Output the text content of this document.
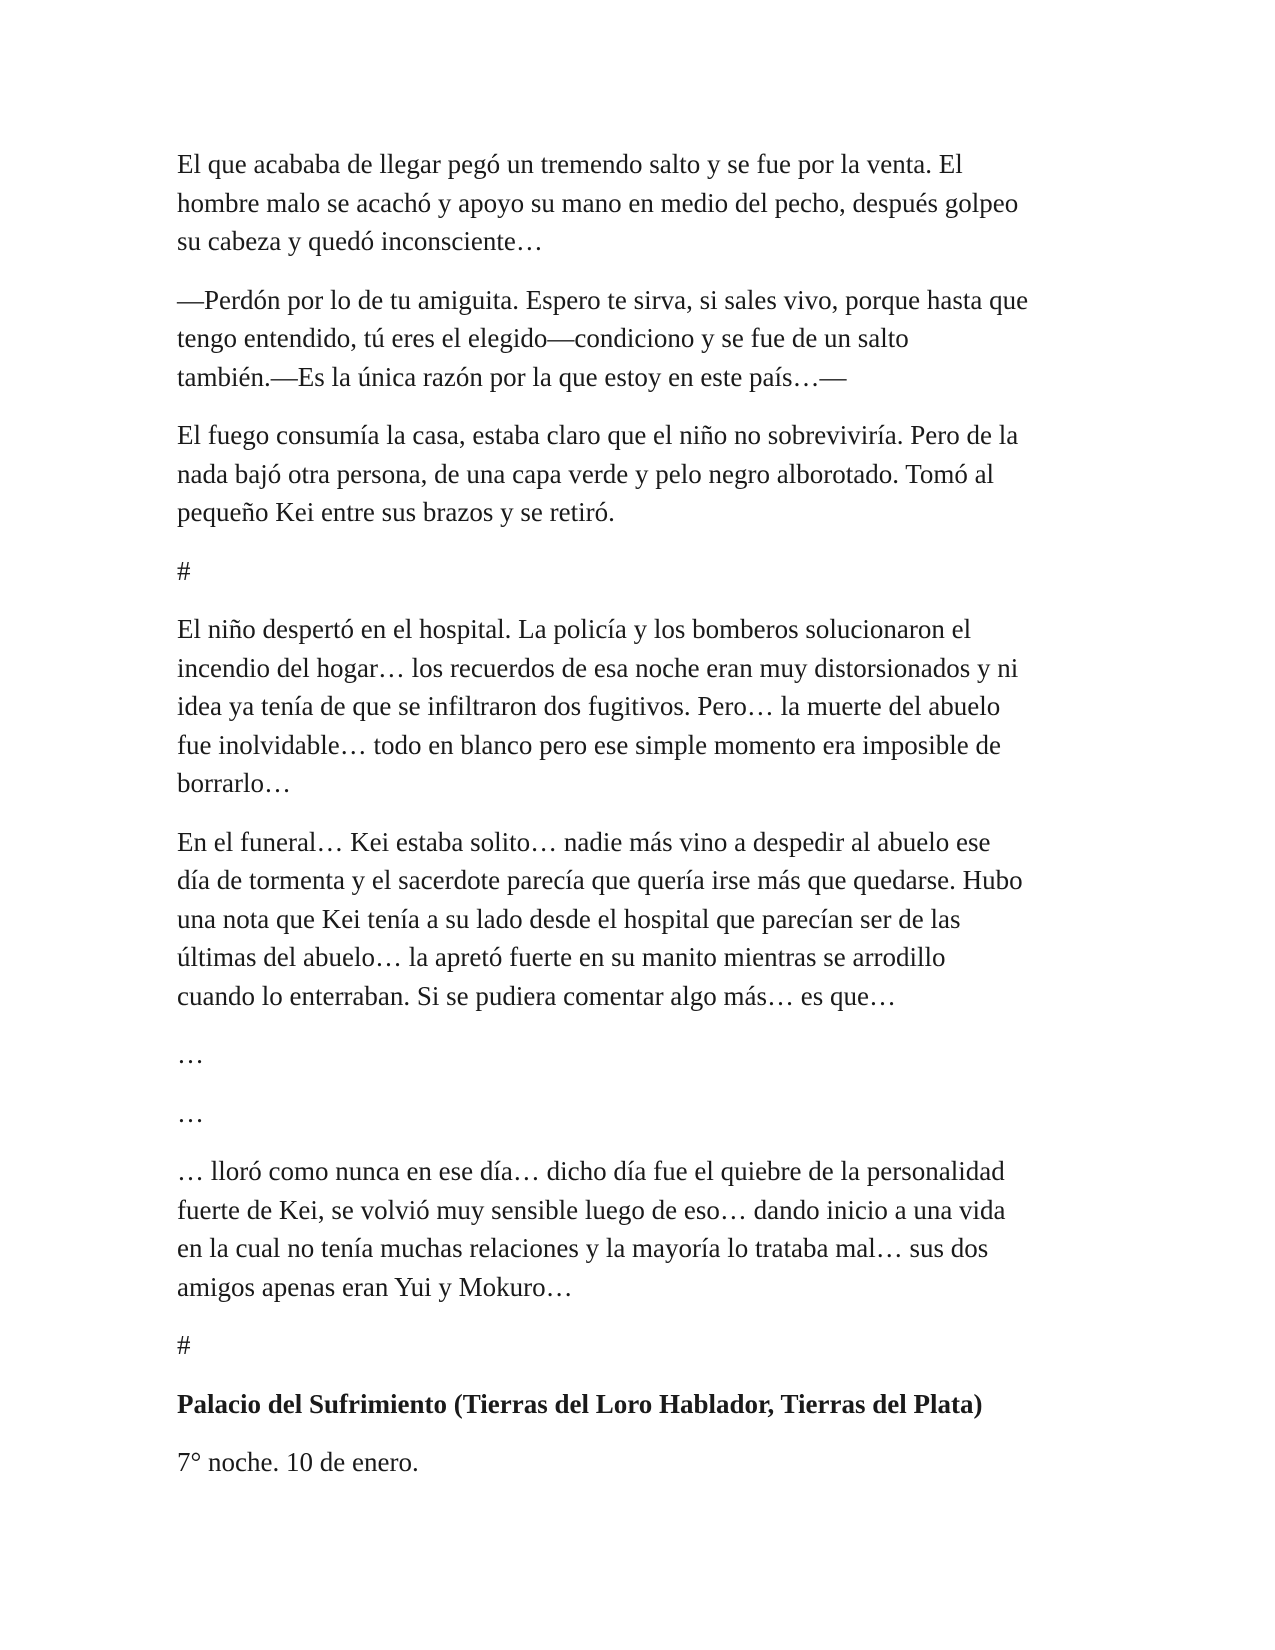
El que acababa de llegar pegó un tremendo salto y se fue por la venta. El
hombre malo se acachó y apoyo su mano en medio del pecho, después golpeo
su cabeza y quedó inconsciente…

—Perdón por lo de tu amiguita. Espero te sirva, si sales vivo, porque hasta que
tengo entendido, tú eres el elegido—condiciono y se fue de un salto
también.—Es la única razón por la que estoy en este país…—

El fuego consumía la casa, estaba claro que el niño no sobreviviría. Pero de la
nada bajó otra persona, de una capa verde y pelo negro alborotado. Tomó al
pequeño Kei entre sus brazos y se retiró.

#

El niño despertó en el hospital. La policía y los bomberos solucionaron el
incendio del hogar… los recuerdos de esa noche eran muy distorsionados y ni
idea ya tenía de que se infiltraron dos fugitivos. Pero… la muerte del abuelo
fue inolvidable… todo en blanco pero ese simple momento era imposible de
borrarlo…

En el funeral… Kei estaba solito… nadie más vino a despedir al abuelo ese
día de tormenta y el sacerdote parecía que quería irse más que quedarse. Hubo
una nota que Kei tenía a su lado desde el hospital que parecían ser de las
últimas del abuelo… la apretó fuerte en su manito mientras se arrodillo
cuando lo enterraban. Si se pudiera comentar algo más… es que…

…

…

… lloró como nunca en ese día… dicho día fue el quiebre de la personalidad
fuerte de Kei, se volvió muy sensible luego de eso… dando inicio a una vida
en la cual no tenía muchas relaciones y la mayoría lo trataba mal… sus dos
amigos apenas eran Yui y Mokuro…

#

Palacio del Sufrimiento (Tierras del Loro Hablador, Tierras del Plata)

7° noche. 10 de enero.
